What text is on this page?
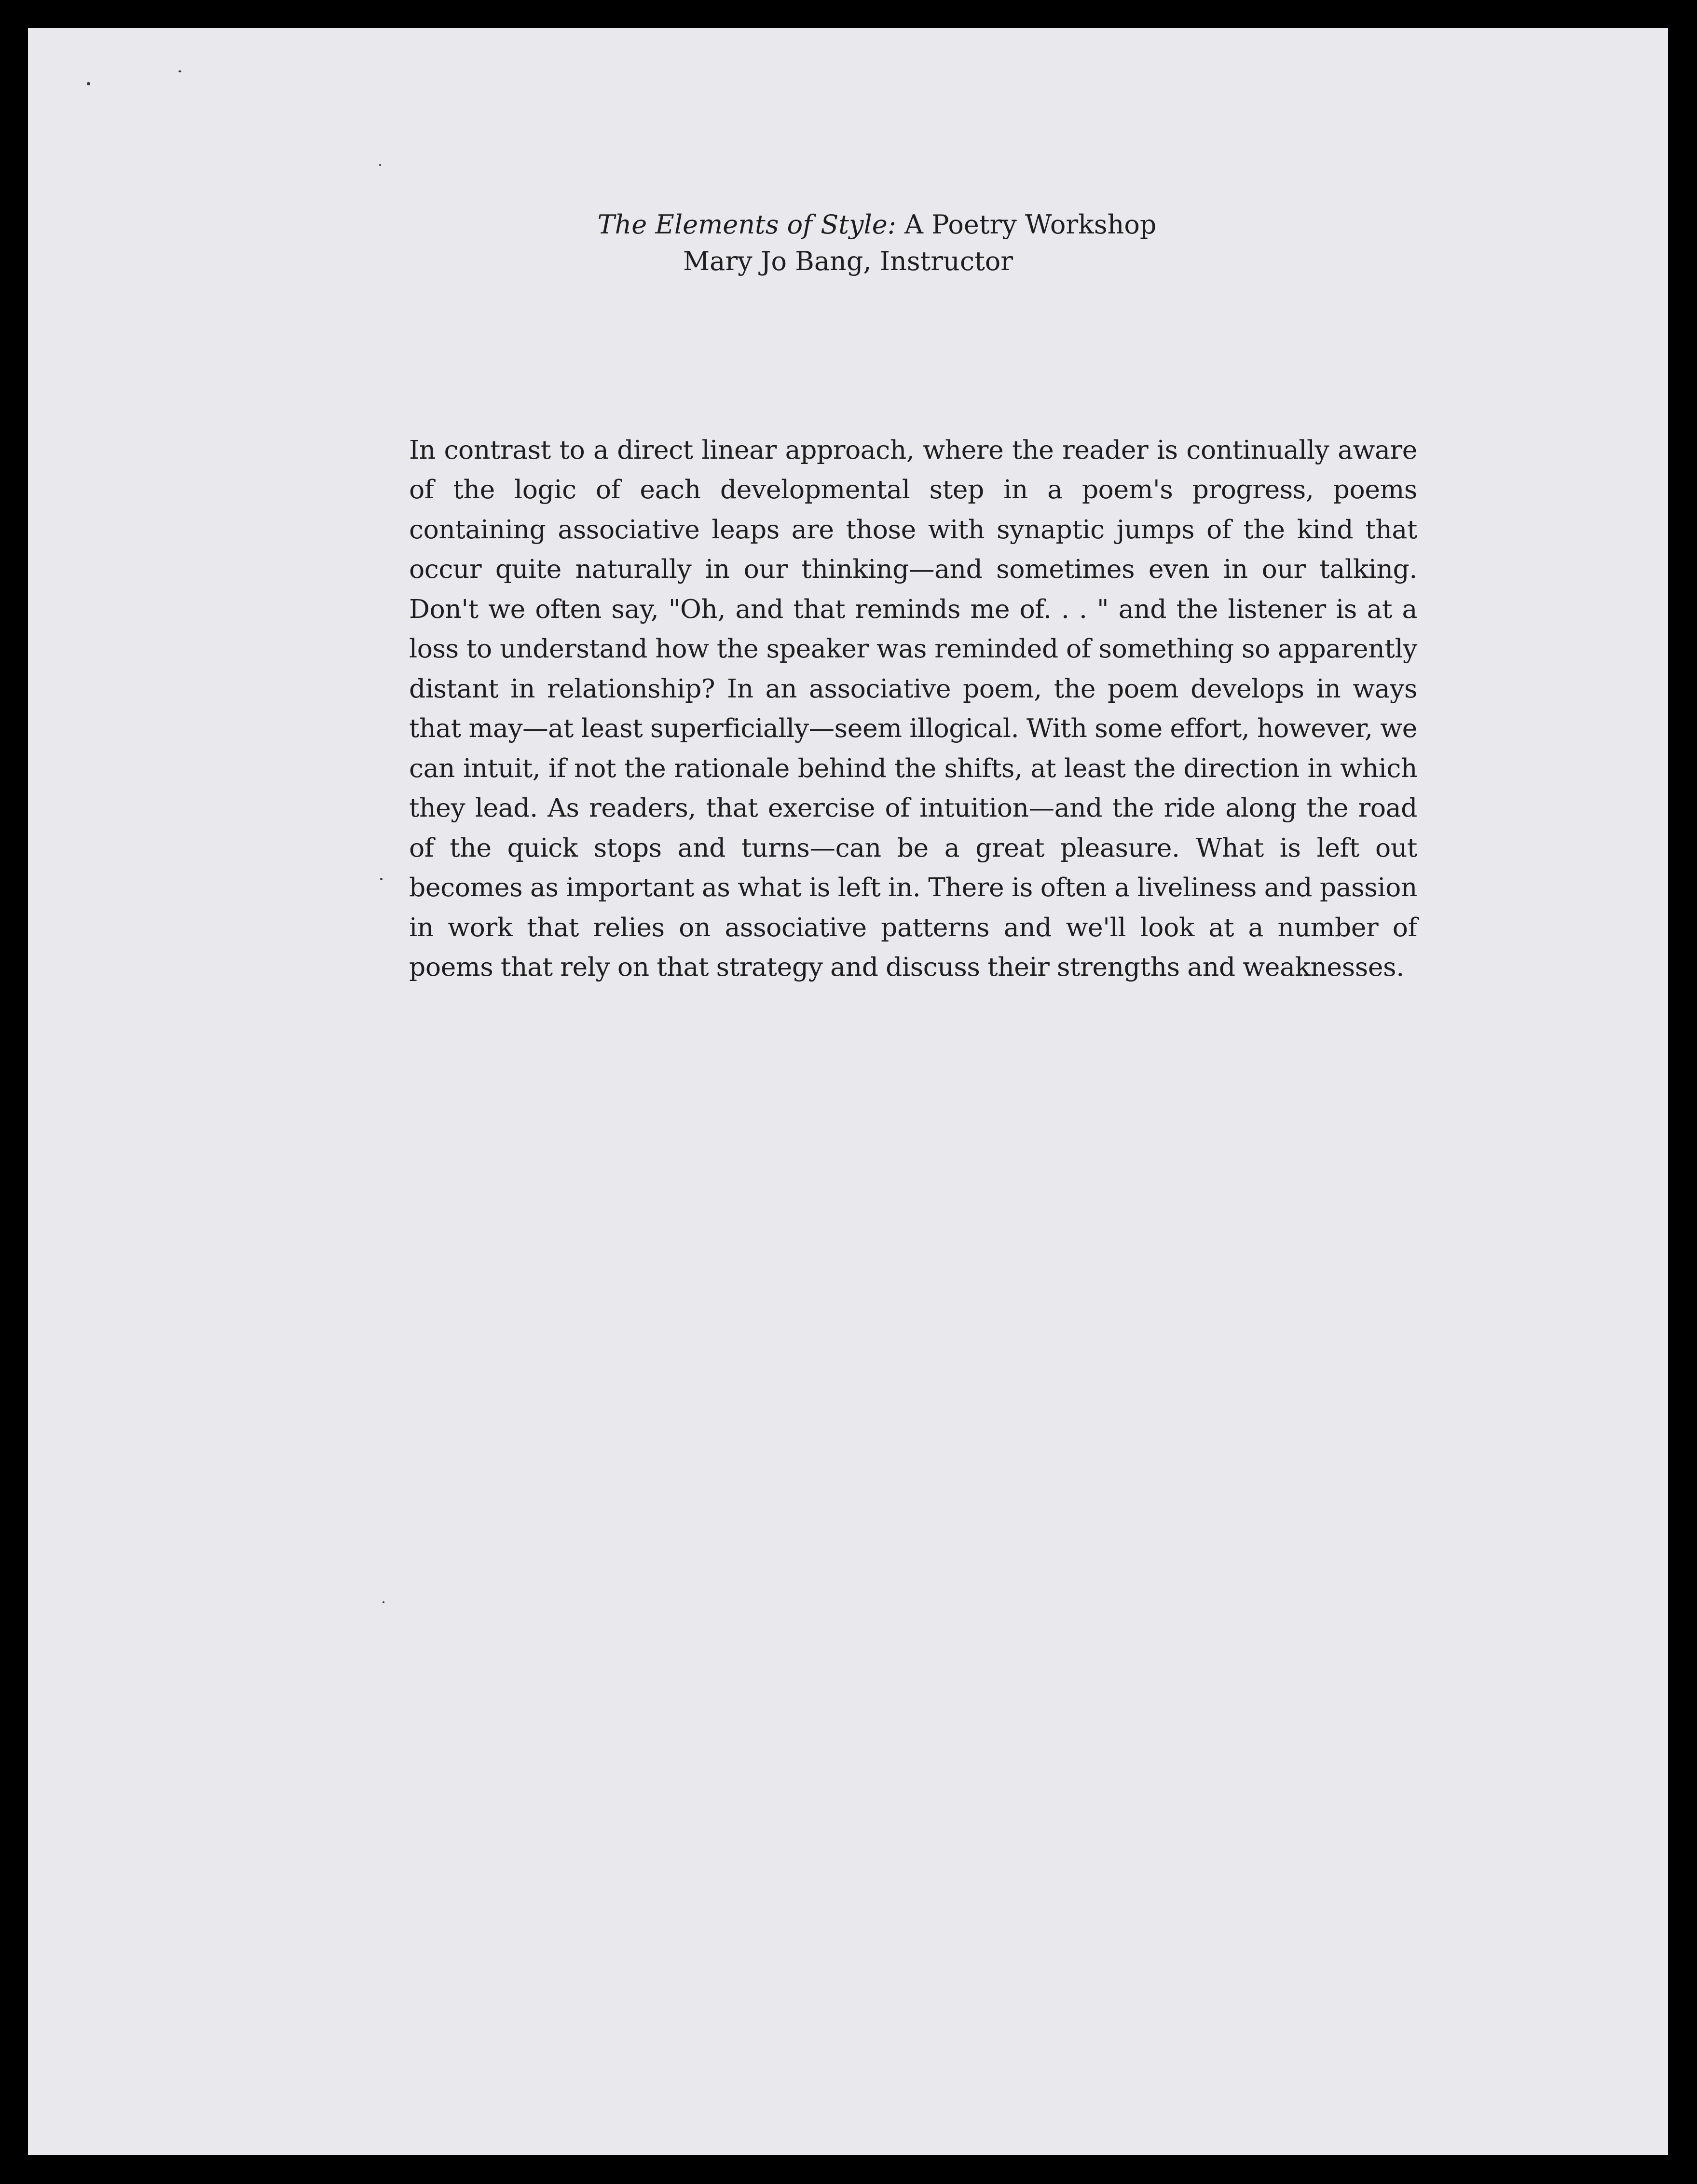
The Elements of Style: A Poetry Workshop
Mary Jo Bang, Instructor

In contrast to a direct linear approach, where the reader is continually aware of the logic of each developmental step in a poem's progress, poems containing associative leaps are those with synaptic jumps of the kind that occur quite naturally in our thinking—and sometimes even in our talking. Don't we often say, "Oh, and that reminds me of. . . " and the listener is at a loss to understand how the speaker was reminded of something so apparently distant in relationship? In an associative poem, the poem develops in ways that may—at least superficially—seem illogical. With some effort, however, we can intuit, if not the rationale behind the shifts, at least the direction in which they lead. As readers, that exercise of intuition—and the ride along the road of the quick stops and turns—can be a great pleasure. What is left out becomes as important as what is left in. There is often a liveliness and passion in work that relies on associative patterns and we'll look at a number of poems that rely on that strategy and discuss their strengths and weaknesses.
